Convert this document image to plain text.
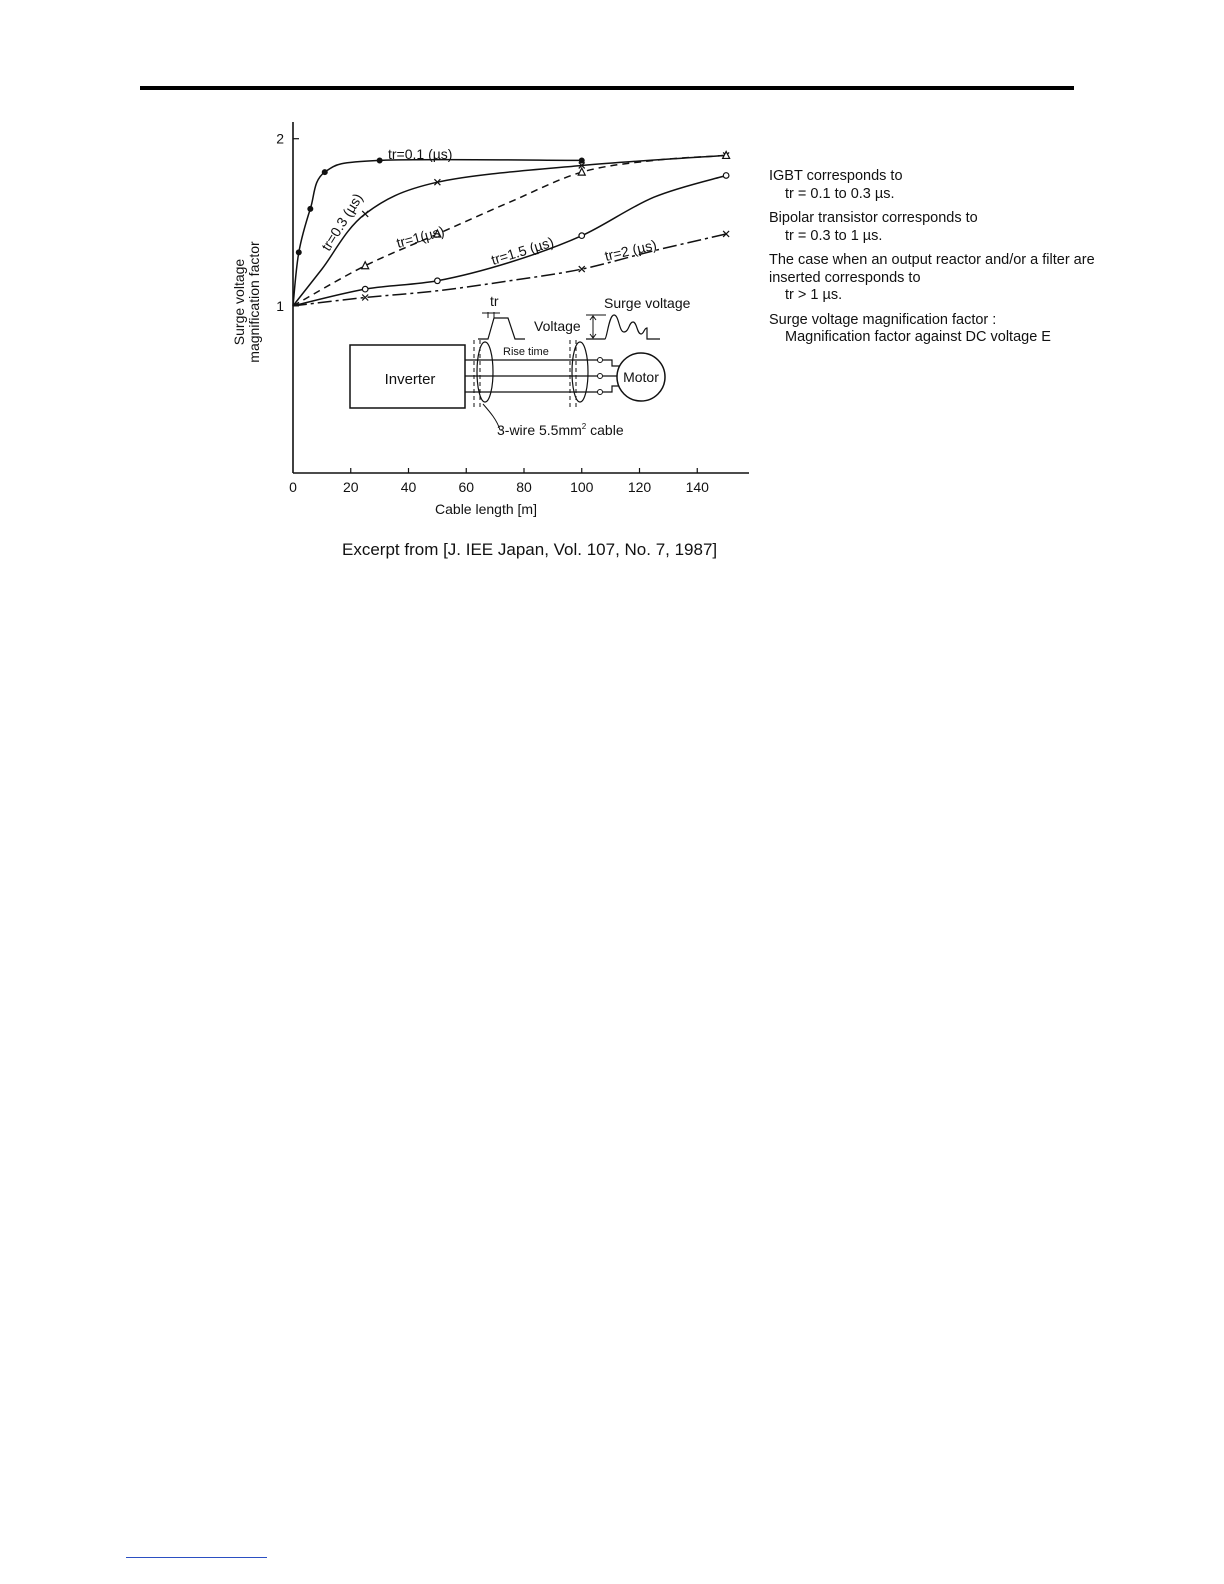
0	20	40	60	80	100 120 140
1
2
Cable length [m]
Surge voltagemagnification factor
tr=0.1 (µs)
tr=0.3 (µs) tr=1(µs)	tr=1.5 (µs)	tr=2 (µs)
Inverter	Motor
3-wire $5.5mm^2$ cable
tr
Rise time
Voltage
Surge voltage
IGBT corresponds to
tr = 0.1 to 0.3 µs.
Bipolar transistor corresponds to
tr = 0.3 to 1 µs.
The case when an output reactor and/or a filter are inserted corresponds to
tr > 1 µs.
Surge voltage magnification factor :
Magnification factor against DC voltage E
Excerpt from [J. IEE Japan, Vol. 107, No. 7, 1987]
